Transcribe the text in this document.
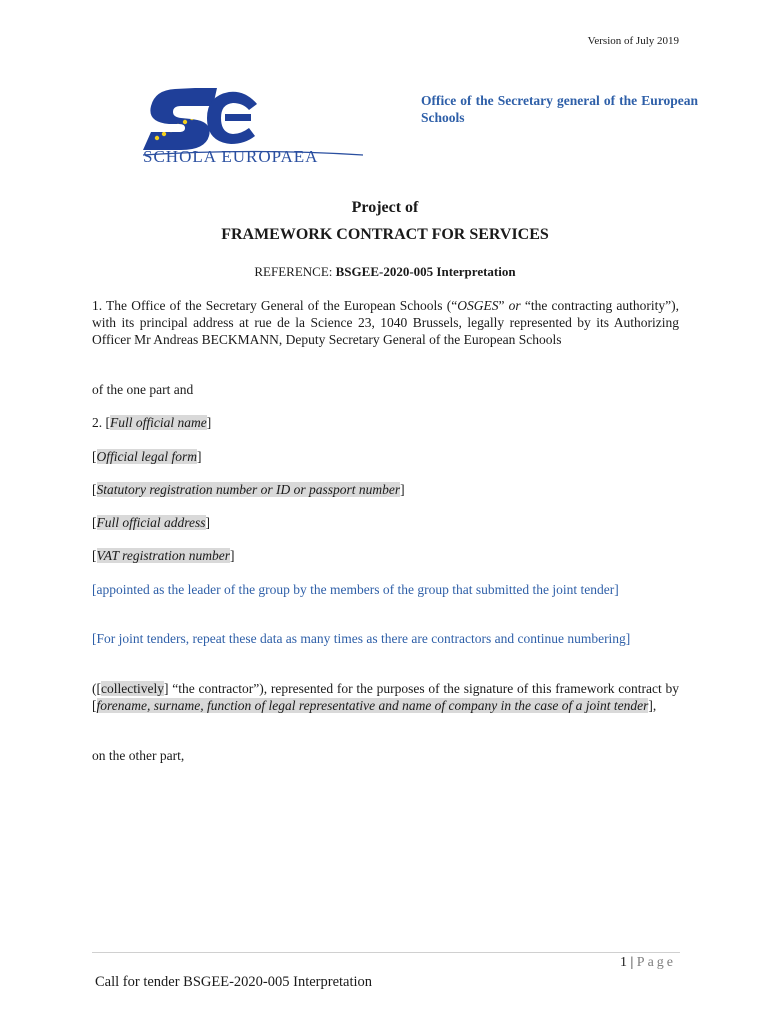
Version of July 2019
SCHOLA EUROPAEA
Office of the Secretary general of the European Schools
Project of
FRAMEWORK CONTRACT FOR SERVICES
REFERENCE: BSGEE-2020-005 Interpretation
1. The Office of the Secretary General of the European Schools (“OSGES” or “the contracting authority”), with its principal address at rue de la Science 23, 1040 Brussels, legally represented by its Authorizing Officer Mr Andreas BECKMANN, Deputy Secretary General of the European Schools
of the one part and
2. [Full official name]
[Official legal form]
[Statutory registration number or ID or passport number]
[Full official address]
[VAT registration number]
[appointed as the leader of the group by the members of the group that submitted the joint tender]
[For joint tenders, repeat these data as many times as there are contractors and continue numbering]
([collectively] “the contractor”), represented for the purposes of the signature of this framework contract by [forename, surname, function of legal representative and name of company in the case of a joint tender],
on the other part,
1 | Page
Call for tender BSGEE-2020-005 Interpretation
